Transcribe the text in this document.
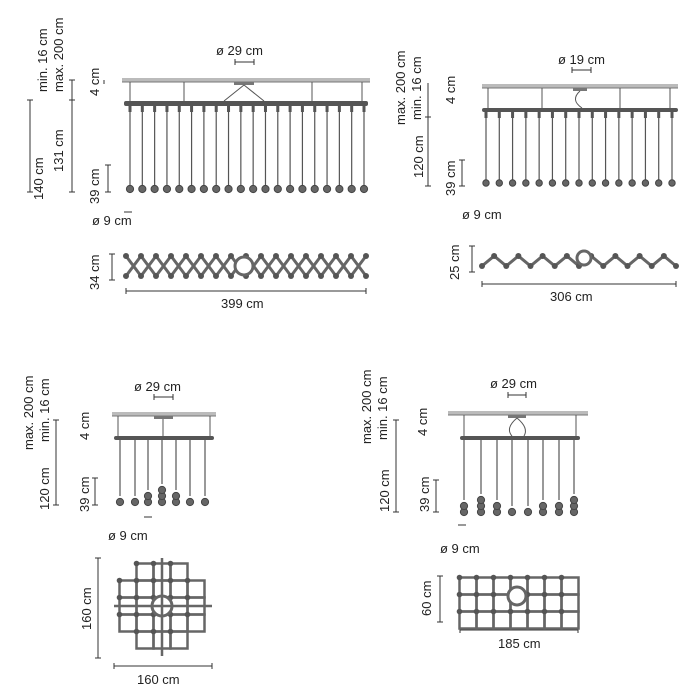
140 cm
max. 200 cm
min. 16 cm
131 cm
4 cm
39 cm
ø 29 cm
ø 9 cm
34 cm
399 cm
max. 200 cm min. 16 cm
120 cm
4 cm
39 cm
ø 19 cm
ø 9 cm
25 cm
306 cm
max. 200 cm min. 16 cm
120 cm
4 cm
39 cm
ø 29 cm
ø 9 cm
160 cm
160 cm
max. 200 cm min. 16 cm
120 cm
4 cm
39 cm
ø 29 cm
ø 9 cm
60 cm
185 cm
